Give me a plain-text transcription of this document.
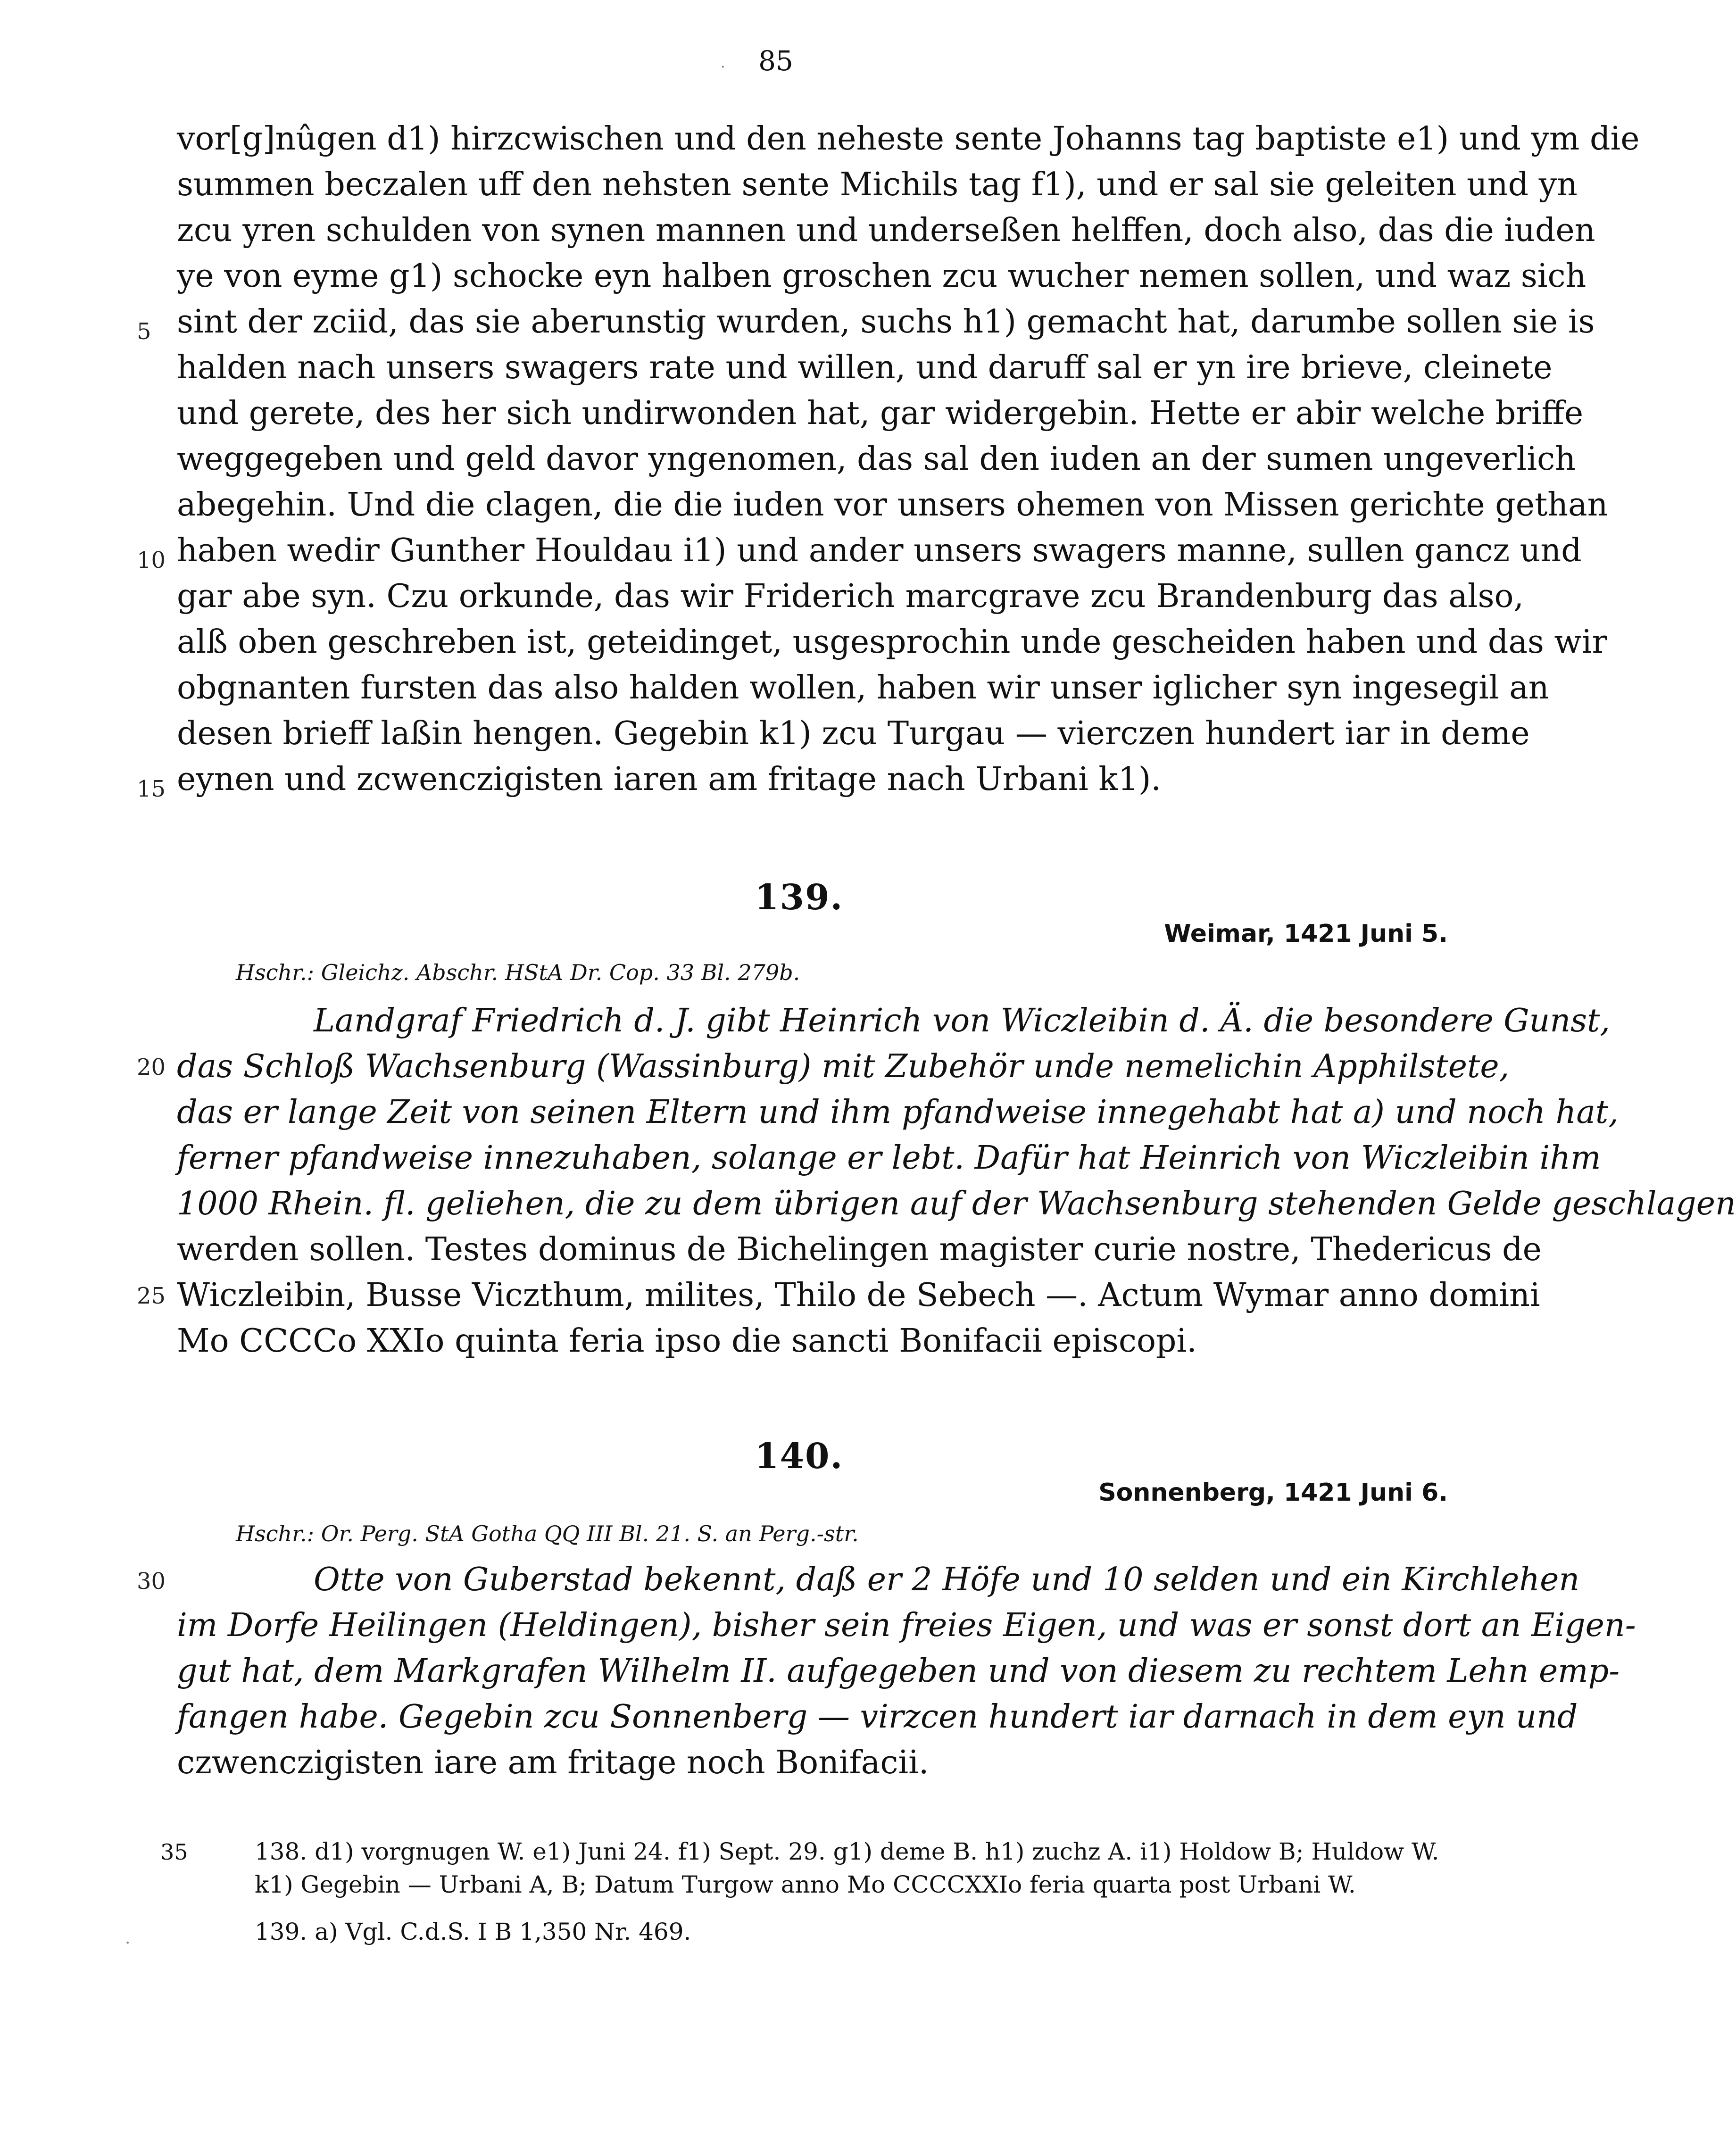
·	85
vor[g]nûgen d1) hirzcwischen und den neheste sente Johanns tag baptiste e1) und ym die
summen beczalen uff den nehsten sente Michils tag f1), und er sal sie geleiten und yn
zcu yren schulden von synen mannen und underseßen helffen, doch also, das die iuden
ye von eyme g1) schocke eyn halben groschen zcu wucher nemen sollen, und waz sich
sint der zciid, das sie aberunstig wurden, suchs h1) gemacht hat, darumbe sollen sie is
halden nach unsers swagers rate und willen, und daruff sal er yn ire brieve, cleinete
und gerete, des her sich undirwonden hat, gar widergebin. Hette er abir welche briffe
weggegeben und geld davor yngenomen, das sal den iuden an der sumen ungeverlich
abegehin. Und die clagen, die die iuden vor unsers ohemen von Missen gerichte gethan
haben wedir Gunther Houldau i1) und ander unsers swagers manne, sullen gancz und
gar abe syn. Czu orkunde, das wir Friderich marcgrave zcu Brandenburg das also,
alß oben geschreben ist, geteidinget, usgesprochin unde gescheiden haben und das wir
obgnanten fursten das also halden wollen, haben wir unser iglicher syn ingesegil an
desen brieff laßin hengen. Gegebin k1) zcu Turgau — vierczen hundert iar in deme
eynen und zcwenczigisten iaren am fritage nach Urbani k1).
5
10
15
139.
Weimar, 1421 Juni 5.
Hschr.: Gleichz. Abschr. HStA Dr. Cop. 33 Bl. 279b.
Landgraf Friedrich d. J. gibt Heinrich von Wiczleibin d. Ä. die besondere Gunst,
das Schloß Wachsenburg (Wassinburg) mit Zubehör unde nemelichin Apphilstete,
das er lange Zeit von seinen Eltern und ihm pfandweise innegehabt hat a) und noch hat,
ferner pfandweise innezuhaben, solange er lebt. Dafür hat Heinrich von Wiczleibin ihm
1000 Rhein. fl. geliehen, die zu dem übrigen auf der Wachsenburg stehenden Gelde geschlagen
werden sollen. Testes dominus de Bichelingen magister curie nostre, Thedericus de
Wiczleibin, Busse Viczthum, milites, Thilo de Sebech —. Actum Wymar anno domini
Mo CCCCo XXIo quinta feria ipso die sancti Bonifacii episcopi.
20
25
140.
Sonnenberg, 1421 Juni 6.
Hschr.: Or. Perg. StA Gotha QQ III Bl. 21. S. an Perg.-str.
Otte von Guberstad bekennt, daß er 2 Höfe und 10 selden und ein Kirchlehen
im Dorfe Heilingen (Heldingen), bisher sein freies Eigen, und was er sonst dort an Eigen-
gut hat, dem Markgrafen Wilhelm II. aufgegeben und von diesem zu rechtem Lehn emp-
fangen habe. Gegebin zcu Sonnenberg — virzcen hundert iar darnach in dem eyn und
czwenczigisten iare am fritage noch Bonifacii.
30
35	138. d1) vorgnugen W. e1) Juni 24. f1) Sept. 29. g1) deme B. h1) zuchz A. i1) Holdow B; Huldow W.
k1) Gegebin — Urbani A, B; Datum Turgow anno Mo CCCCXXIo feria quarta post Urbani W.
139. a) Vgl. C.d.S. I B 1,350 Nr. 469.
·
